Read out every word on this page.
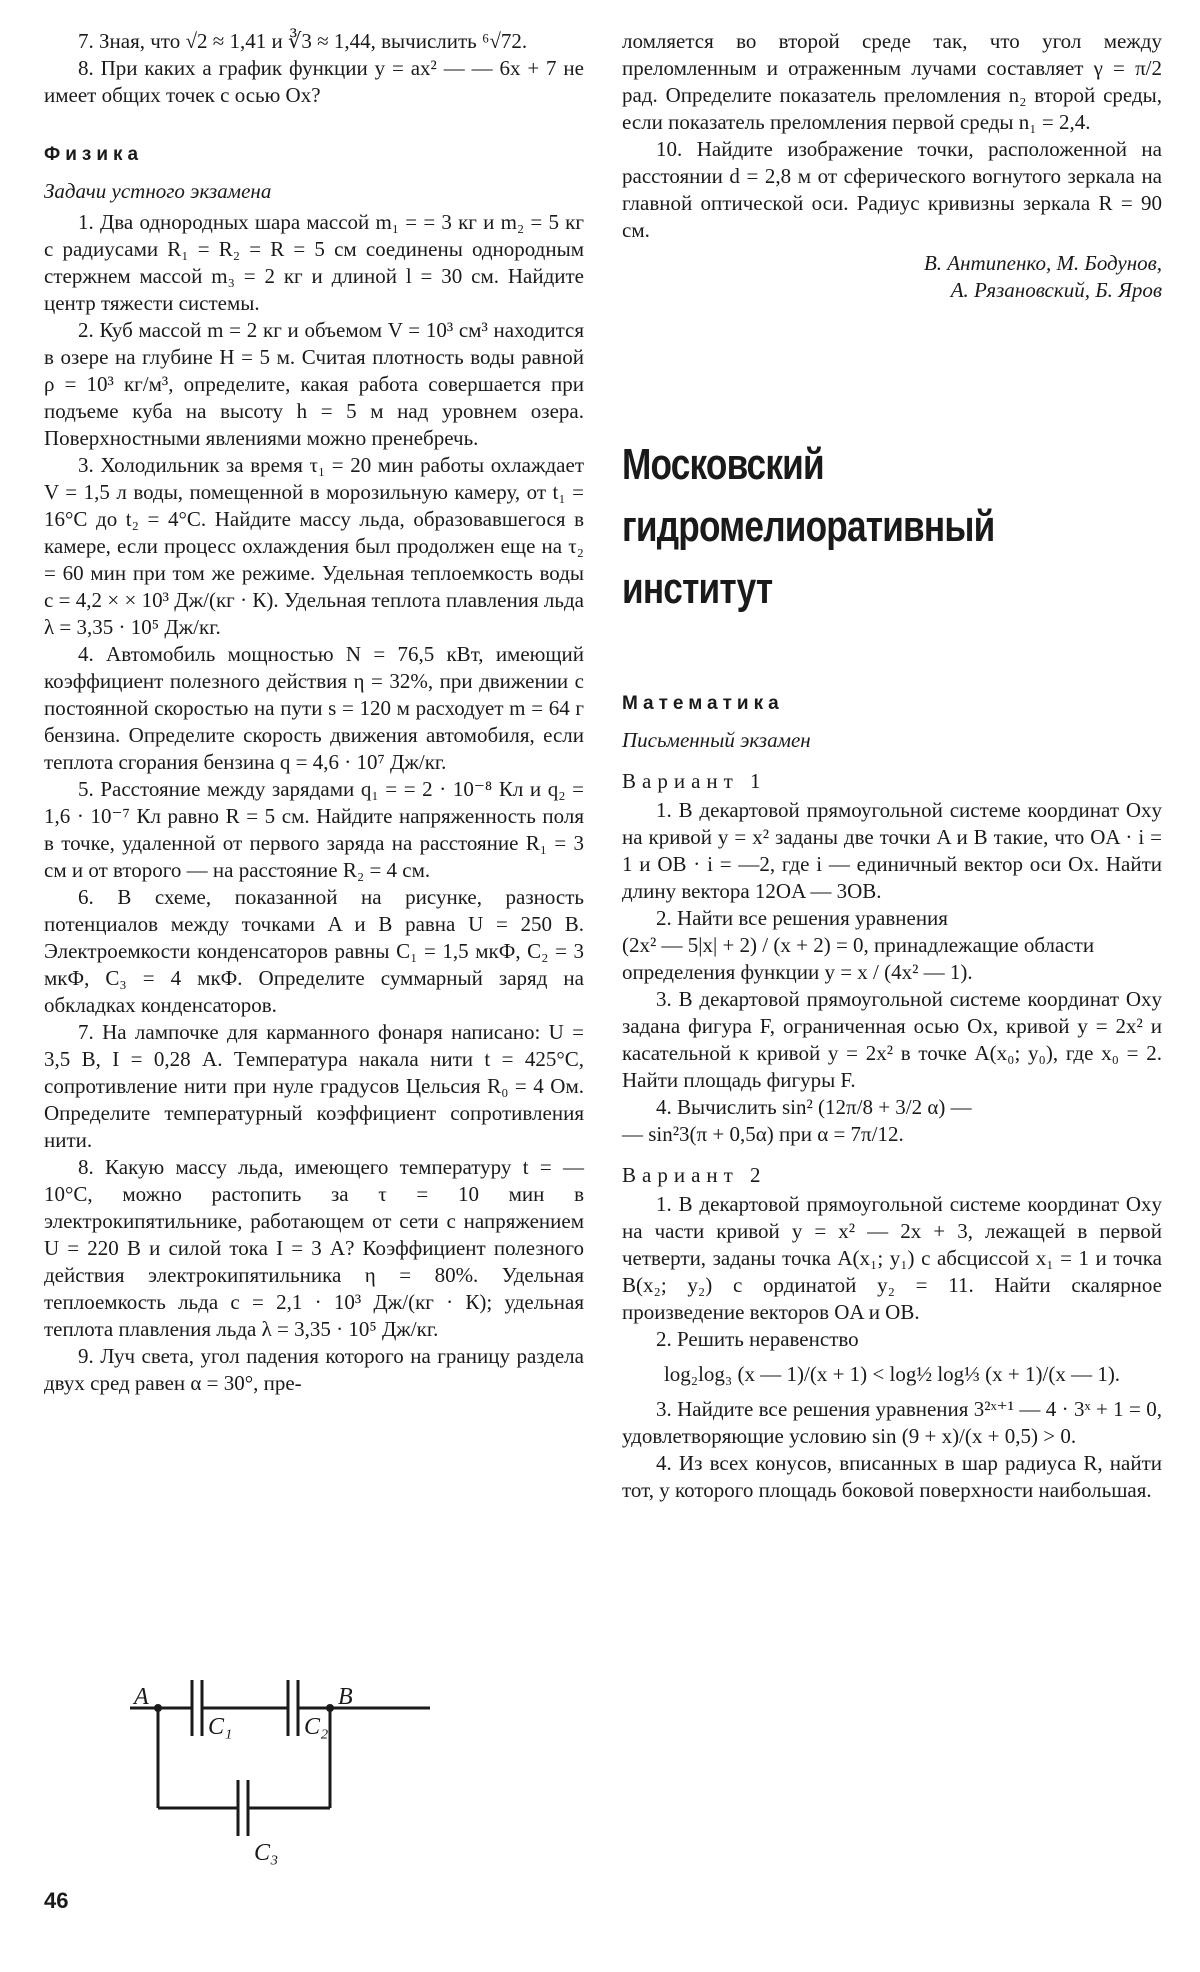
7. Зная, что √2 ≈ 1,41 и ∛3 ≈ 1,44, вычислить ⁶√72.

8. При каких a график функции y = ax² — — 6x + 7 не имеет общих точек с осью Ox?

Физика
Задачи устного экзамена

1. Два однородных шара массой m₁ = = 3 кг и m₂ = 5 кг с радиусами R₁ = R₂ = R = 5 см соединены однородным стержнем массой m₃ = 2 кг и длиной l = 30 см. Найдите центр тяжести системы.

2. Куб массой m = 2 кг и объемом V = 10³ см³ находится в озере на глубине H = 5 м. Считая плотность воды равной ρ = 10³ кг/м³, определите, какая работа совершается при подъеме куба на высоту h = 5 м над уровнем озера. Поверхностными явлениями можно пренебречь.

3. Холодильник за время τ₁ = 20 мин работы охлаждает V = 1,5 л воды, помещенной в морозильную камеру, от t₁ = 16°C до t₂ = 4°C. Найдите массу льда, образовавшегося в камере, если процесс охлаждения был продолжен еще на τ₂ = 60 мин при том же режиме. Удельная теплоемкость воды c = 4,2 × × 10³ Дж/(кг · К). Удельная теплота плавления льда λ = 3,35 · 10⁵ Дж/кг.

4. Автомобиль мощностью N = 76,5 кВт, имеющий коэффициент полезного действия η = 32%, при движении с постоянной скоростью на пути s = 120 м расходует m = 64 г бензина. Определите скорость движения автомобиля, если теплота сгорания бензина q = 4,6 · 10⁷ Дж/кг.

5. Расстояние между зарядами q₁ = = 2 · 10⁻⁸ Кл и q₂ = 1,6 · 10⁻⁷ Кл равно R = 5 см. Найдите напряженность поля в точке, удаленной от первого заряда на расстояние R₁ = 3 см и от второго — на расстояние R₂ = 4 см.

6. В схеме, показанной на рисунке, разность потенциалов между точками A и B равна U = 250 В. Электроемкости конденсаторов равны C₁ = 1,5 мкФ, C₂ = 3 мкФ, C₃ = 4 мкФ. Определите суммарный заряд на обкладках конденсаторов.

7. На лампочке для карманного фонаря написано: U = 3,5 В, I = 0,28 А. Температура накала нити t = 425°C, сопротивление нити при нуле градусов Цельсия R₀ = 4 Ом. Определите температурный коэффициент сопротивления нити.

8. Какую массу льда, имеющего температуру t = —10°C, можно растопить за τ = 10 мин в электрокипятильнике, работающем от сети с напряжением U = 220 В и силой тока I = 3 А? Коэффициент полезного действия электрокипятильника η = 80%. Удельная теплоемкость льда c = 2,1 · 10³ Дж/(кг · К); удельная теплота плавления льда λ = 3,35 · 10⁵ Дж/кг.

9. Луч света, угол падения которого на границу раздела двух сред равен α = 30°, пре-

A	B
C₁	C₂
C₃
46

ломляется во второй среде так, что угол между преломленным и отраженным лучами составляет γ = π/2 рад. Определите показатель преломления n₂ второй среды, если показатель преломления первой среды n₁ = 2,4.

10. Найдите изображение точки, расположенной на расстоянии d = 2,8 м от сферического вогнутого зеркала на главной оптической оси. Радиус кривизны зеркала R = 90 см.

В. Антипенко, М. Бодунов,
А. Рязановский, Б. Яров
Московский
гидромелиоративный
институт
Математика
Письменный экзамен
Вариант 1

1. В декартовой прямоугольной системе координат Oxy на кривой y = x² заданы две точки A и B такие, что OA · i = 1 и OB · i = —2, где i — единичный вектор оси Ox. Найти длину вектора 12OA — 3OB.

2. Найти все решения уравнения

(2x² — 5|x| + 2) / (x + 2) = 0, принадлежащие области

определения функции y = x / (4x² — 1).

3. В декартовой прямоугольной системе координат Oxy задана фигура F, ограниченная осью Ox, кривой y = 2x² и касательной к кривой y = 2x² в точке A(x₀; y₀), где x₀ = 2. Найти площадь фигуры F.

4. Вычислить sin² (12π/8 + 3/2 α) —

— sin²3(π + 0,5α) при α = 7π/12.

Вариант 2

1. В декартовой прямоугольной системе координат Oxy на части кривой y = x² — 2x + 3, лежащей в первой четверти, заданы точка A(x₁; y₁) с абсциссой x₁ = 1 и точка B(x₂; y₂) с ординатой y₂ = 11. Найти скалярное произведение векторов OA и OB.

2. Решить неравенство

log₂log₃ (x — 1)/(x + 1) < log½ log⅓ (x + 1)/(x — 1).

3. Найдите все решения уравнения 3²ˣ⁺¹ — 4 · 3ˣ + 1 = 0, удовлетворяющие условию sin (9 + x)/(x + 0,5) > 0.

4. Из всех конусов, вписанных в шар радиуса R, найти тот, у которого площадь боковой поверхности наибольшая.
